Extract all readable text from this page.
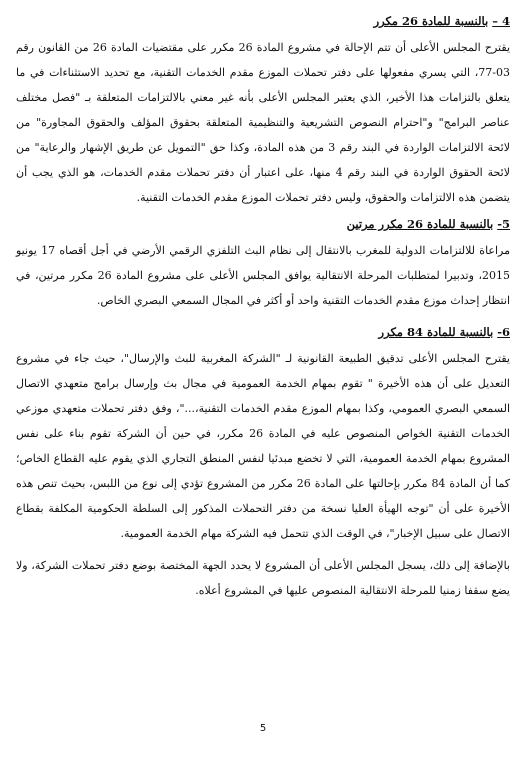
4 – بالنسبة للمادة 26 مكرر

يقترح المجلس الأعلى أن تتم الإحالة في مشروع المادة 26 مكرر على مقتضيات المادة 26 من القانون رقم 03-77، التي يسري مفعولها على دفتر تحملات الموزع مقدم الخدمات التقنية، مع تحديد الاستثناءات في ما يتعلق بالتزامات هذا الأخير، الذي يعتبر المجلس الأعلى بأنه غير معني بالالتزامات المتعلقة بـ "فصل مختلف عناصر البرامج" و"احترام النصوص التشريعية والتنظيمية المتعلقة بحقوق المؤلف والحقوق المجاورة" من لائحة الالتزامات الواردة في البند رقم 3 من هذه المادة، وكذا حق "التمويل عن طريق الإشهار والرعاية" من لائحة الحقوق الواردة في البند رقم 4 منها، على اعتبار أن دفتر تحملات مقدم الخدمات، هو الذي يجب أن يتضمن هذه الالتزامات والحقوق، وليس دفتر تحملات الموزع مقدم الخدمات التقنية.

5- بالنسبة للمادة 26 مكرر مرتين

مراعاة للالتزامات الدولية للمغرب بالانتقال إلى نظام البث التلفزي الرقمي الأرضي في أجل أقصاه 17 يونيو 2015، وتدبيرا لمتطلبات المرحلة الانتقالية يوافق المجلس الأعلى على مشروع المادة 26 مكرر مرتين، في انتظار إحداث موزع مقدم الخدمات التقنية واحد أو أكثر في المجال السمعي البصري الخاص.

6- بالنسبة للمادة 84 مكرر

يقترح المجلس الأعلى تدقيق الطبيعة القانونية لـ "الشركة المغربية للبث والإرسال"، حيث جاء في مشروع التعديل على أن هذه الأخيرة " تقوم بمهام الخدمة العمومية في مجال بث وإرسال برامج متعهدي الاتصال السمعي البصري العمومي، وكذا بمهام الموزع مقدم الخدمات التقنية،..."، وفق دفتر تحملات متعهدي موزعي الخدمات التقنية الخواص المنصوص عليه في المادة 26 مكرر، في حين أن الشركة تقوم بناء على نفس المشروع بمهام الخدمة العمومية، التي لا تخضع مبدئيا لنفس المنطق التجاري الذي يقوم عليه القطاع الخاص؛ كما أن المادة 84 مكرر بإحالتها على المادة 26 مكرر من المشروع تؤدي إلى نوع من اللبس، بحيث تنص هذه الأخيرة على أن "توجه الهيأة العليا نسخة من دفتر التحملات المذكور إلى السلطة الحكومية المكلفة بقطاع الاتصال على سبيل الإخبار"، في الوقت الذي تتحمل فيه الشركة مهام الخدمة العمومية.

بالإضافة إلى ذلك، يسجل المجلس الأعلى أن المشروع لا يحدد الجهة المختصة بوضع دفتر تحملات الشركة، ولا يضع سقفا زمنيا للمرحلة الانتقالية المنصوص عليها في المشروع أعلاه.

5
